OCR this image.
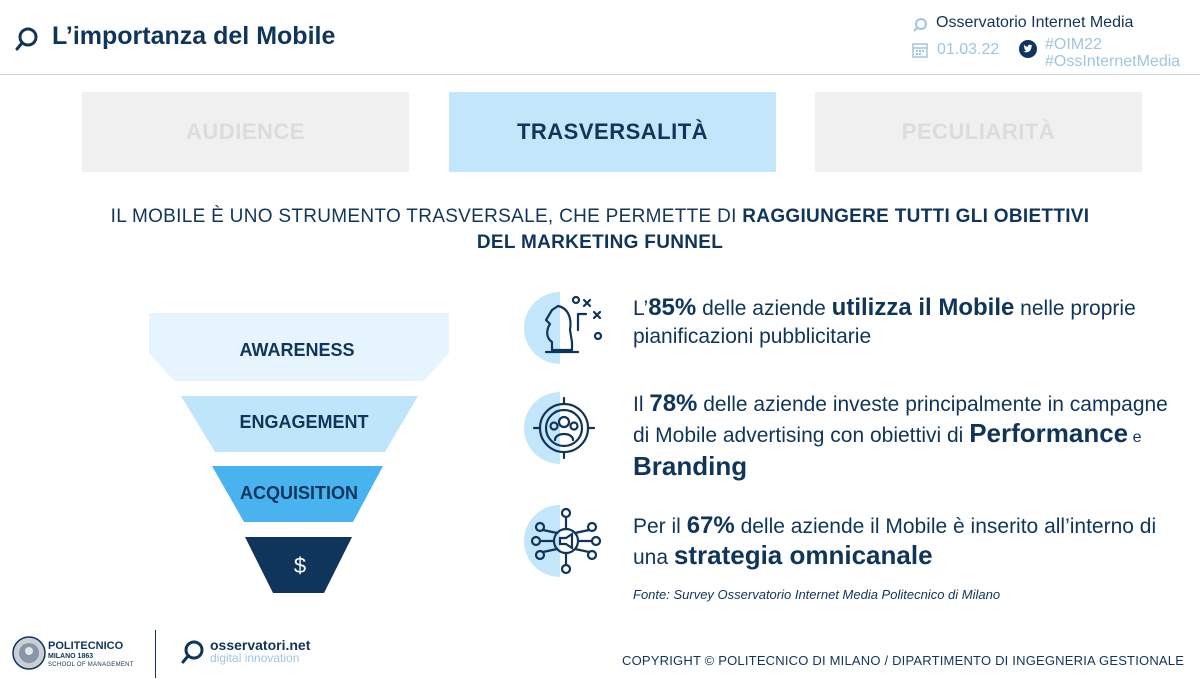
L’importanza del Mobile	Osservatorio Internet Media
01.03.22	#OIM22
#OssInternetMedia
AUDIENCE	TRASVERSALITÀ	PECULIARITÀ
IL MOBILE È UNO STRUMENTO TRASVERSALE, CHE PERMETTE DI RAGGIUNGERE TUTTI GLI OBIETTIVI DEL MARKETING FUNNEL
AWARENESS
ENGAGEMENT
ACQUISITION
$
L’85% delle aziende utilizza il Mobile nelle proprie pianificazioni pubblicitarie
Il 78% delle aziende investe principalmente in campagne di Mobile advertising con obiettivi di Performance e Branding
Per il 67% delle aziende il Mobile è inserito all’interno di una strategia omnicanale
Fonte: Survey Osservatorio Internet Media Politecnico di Milano
POLITECNICO
MILANO 1863
SCHOOL OF MANAGEMENT
osservatori.net
digital innovation	COPYRIGHT © POLITECNICO DI MILANO / DIPARTIMENTO DI INGEGNERIA GESTIONALE
